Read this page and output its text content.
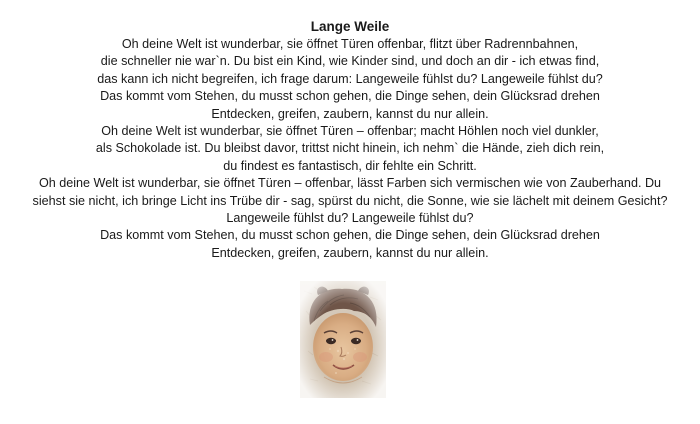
Lange Weile
Oh deine Welt ist wunderbar, sie öffnet Türen offenbar, flitzt über Radrennbahnen,
die schneller nie war`n. Du bist ein Kind, wie Kinder sind, und doch an dir - ich etwas find,
das kann ich nicht begreifen, ich frage darum: Langeweile fühlst du? Langeweile fühlst du?
Das kommt vom Stehen, du musst schon gehen, die Dinge sehen, dein Glücksrad drehen
Entdecken, greifen, zaubern, kannst du nur allein.
Oh deine Welt ist wunderbar, sie öffnet Türen – offenbar; macht Höhlen noch viel dunkler,
als Schokolade ist. Du bleibst davor, trittst nicht hinein, ich nehm` die Hände, zieh dich rein,
du findest es fantastisch, dir fehlte ein Schritt.
Oh deine Welt ist wunderbar, sie öffnet Türen – offenbar, lässt Farben sich vermischen wie von Zauberhand. Du
siehst sie nicht, ich bringe Licht ins Trübe dir - sag, spürst du nicht, die Sonne, wie sie lächelt mit deinem Gesicht?
Langeweile fühlst du? Langeweile fühlst du?
Das kommt vom Stehen, du musst schon gehen, die Dinge sehen, dein Glücksrad drehen
Entdecken, greifen, zaubern, kannst du nur allein.
